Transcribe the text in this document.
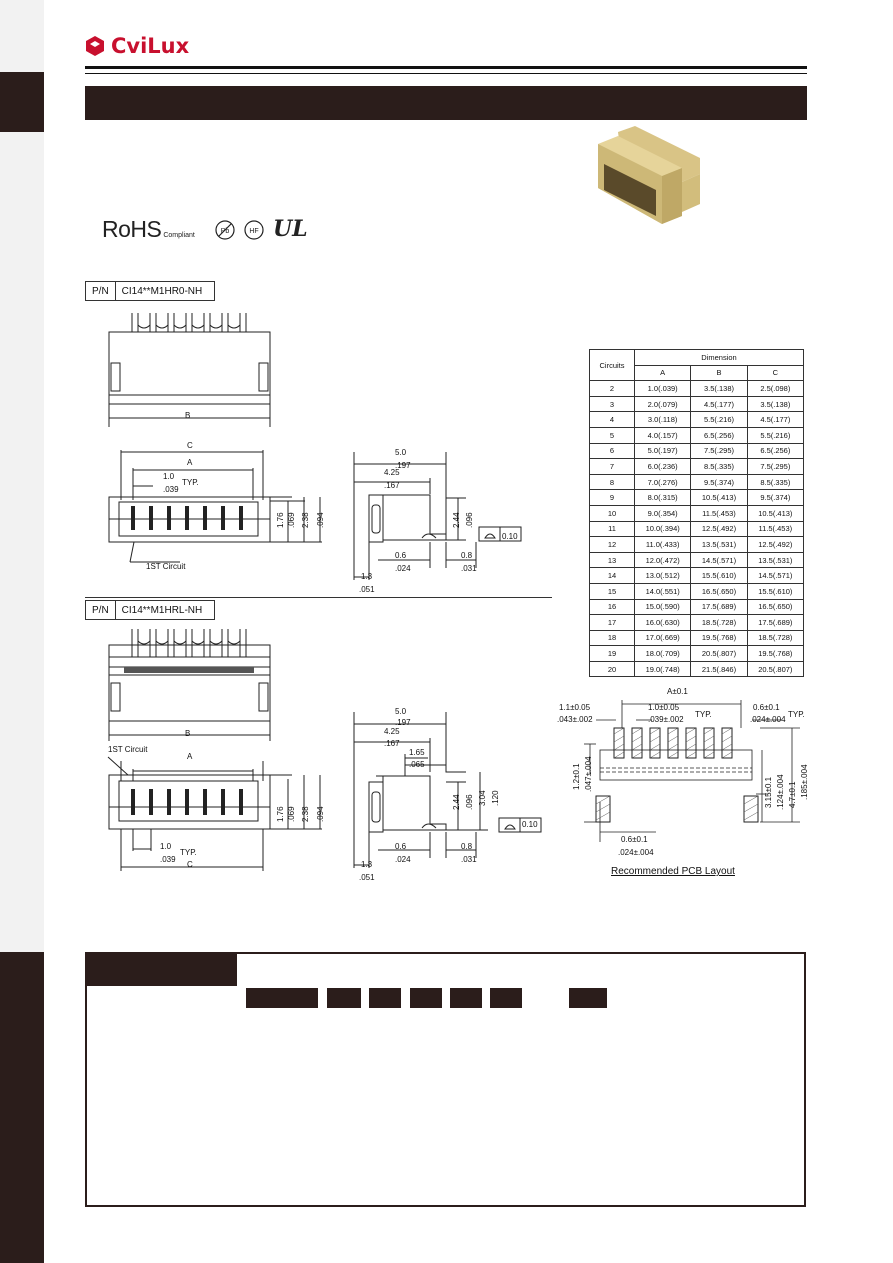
CviLux
RoHS Compliant
Pb	HF UL
P/N	CI14**M1HR0-NH
B
C
A
1.0
TYP.
.039
1ST Circuit
1.76 .069 2.38 .094
5.0
.197
4.25
.167
2.44 .096
0.10
0.6
.024
0.8
.031
1.3
.051
P/N	CI14**M1HRL-NH
B
1ST Circuit
A
1.76 .069 2.38 .094
1.0
TYP.
.039
C
5.0
.197
4.25
.167
1.65
.065
2.44 .096 3.04 .120
0.10
0.6
.024
0.8
.031
1.3
.051
Circuits	Dimension		
	A	B	C
2	1.0(.039)	3.5(.138)	2.5(.098)
3	2.0(.079)	4.5(.177)	3.5(.138)
4	3.0(.118)	5.5(.216)	4.5(.177)
5	4.0(.157)	6.5(.256)	5.5(.216)
6	5.0(.197)	7.5(.295)	6.5(.256)
7	6.0(.236)	8.5(.335)	7.5(.295)
8	7.0(.276)	9.5(.374)	8.5(.335)
9	8.0(.315)	10.5(.413)	9.5(.374)
10	9.0(.354)	11.5(.453)	10.5(.413)
11	10.0(.394)	12.5(.492)	11.5(.453)
12	11.0(.433)	13.5(.531)	12.5(.492)
13	12.0(.472)	14.5(.571)	13.5(.531)
14	13.0(.512)	15.5(.610)	14.5(.571)
15	14.0(.551)	16.5(.650)	15.5(.610)
16	15.0(.590)	17.5(.689)	16.5(.650)
17	16.0(.630)	18.5(.728)	17.5(.689)
18	17.0(.669)	19.5(.768)	18.5(.728)
19	18.0(.709)	20.5(.807)	19.5(.768)
20	19.0(.748)	21.5(.846)	20.5(.807)
A±0.1
1.1±0.05
.043±.002
1.0±0.05
.039±.002
TYP.
0.6±0.1
.024±.004
TYP.
1.2±0.1 .047±.004
3.15±0.1 .124±.004 4.7±0.1 .185±.004
0.6±0.1
.024±.004
Recommended PCB Layout
